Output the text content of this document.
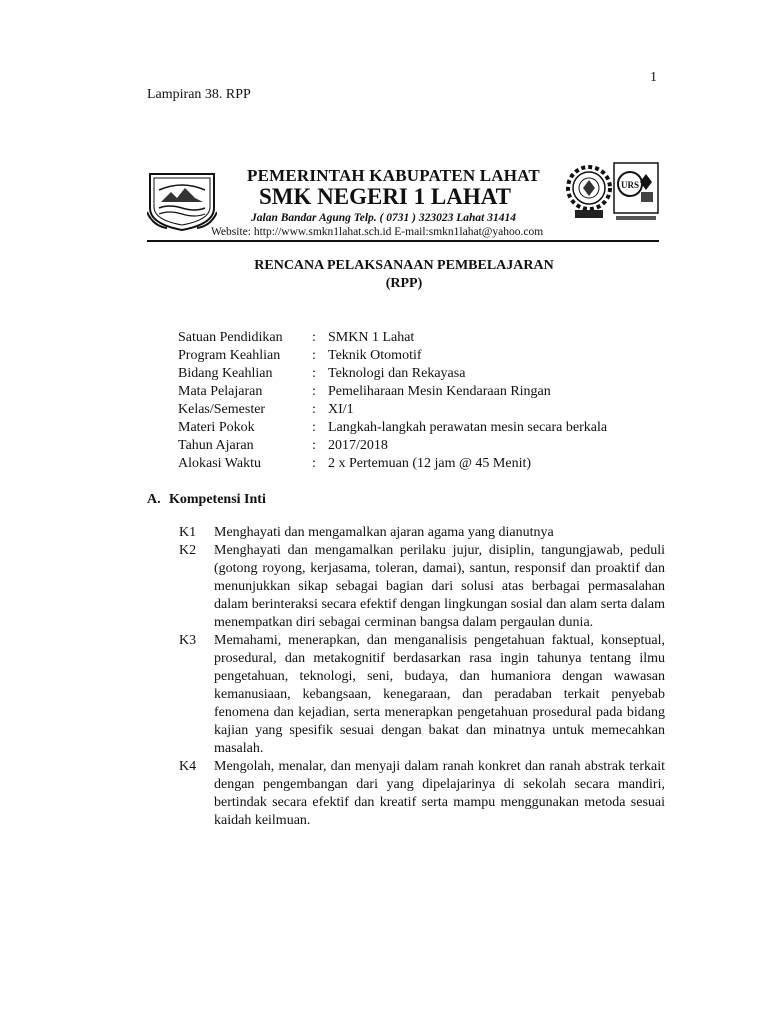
1
Lampiran 38. RPP
PEMERINTAH KABUPATEN LAHAT
SMK NEGERI 1 LAHAT
Jalan Bandar Agung Telp. ( 0731 ) 323023 Lahat 31414
Website: http://www.smkn1lahat.sch.id E-mail:smkn1lahat@yahoo.com
URS
RENCANA PELAKSANAAN PEMBELAJARAN
(RPP)
Satuan Pendidikan	: SMKN 1 Lahat
Program Keahlian	: Teknik Otomotif
Bidang Keahlian	: Teknologi dan Rekayasa
Mata Pelajaran	: Pemeliharaan Mesin Kendaraan Ringan
Kelas/Semester	: XI/1
Materi Pokok	: Langkah-langkah perawatan mesin secara berkala
Tahun Ajaran	: 2017/2018
Alokasi Waktu	: 2 x Pertemuan (12 jam @ 45 Menit)
A. Kompetensi Inti
K1	Menghayati dan mengamalkan ajaran agama yang dianutnya
K2	Menghayati dan mengamalkan perilaku jujur, disiplin, tangungjawab, peduli (gotong royong, kerjasama, toleran, damai), santun, responsif dan proaktif dan menunjukkan sikap sebagai bagian dari solusi atas berbagai permasalahan dalam berinteraksi secara efektif dengan lingkungan sosial dan alam serta dalam menempatkan diri sebagai cerminan bangsa dalam pergaulan dunia.
K3	Memahami, menerapkan, dan menganalisis pengetahuan faktual, konseptual, prosedural, dan metakognitif berdasarkan rasa ingin tahunya tentang ilmu pengetahuan, teknologi, seni, budaya, dan humaniora dengan wawasan kemanusiaan, kebangsaan, kenegaraan, dan peradaban terkait penyebab fenomena dan kejadian, serta menerapkan pengetahuan prosedural pada bidang kajian yang spesifik sesuai dengan bakat dan minatnya untuk memecahkan masalah.
K4	Mengolah, menalar, dan menyaji dalam ranah konkret dan ranah abstrak terkait dengan pengembangan dari yang dipelajarinya di sekolah secara mandiri, bertindak secara efektif dan kreatif serta mampu menggunakan metoda sesuai kaidah keilmuan.
